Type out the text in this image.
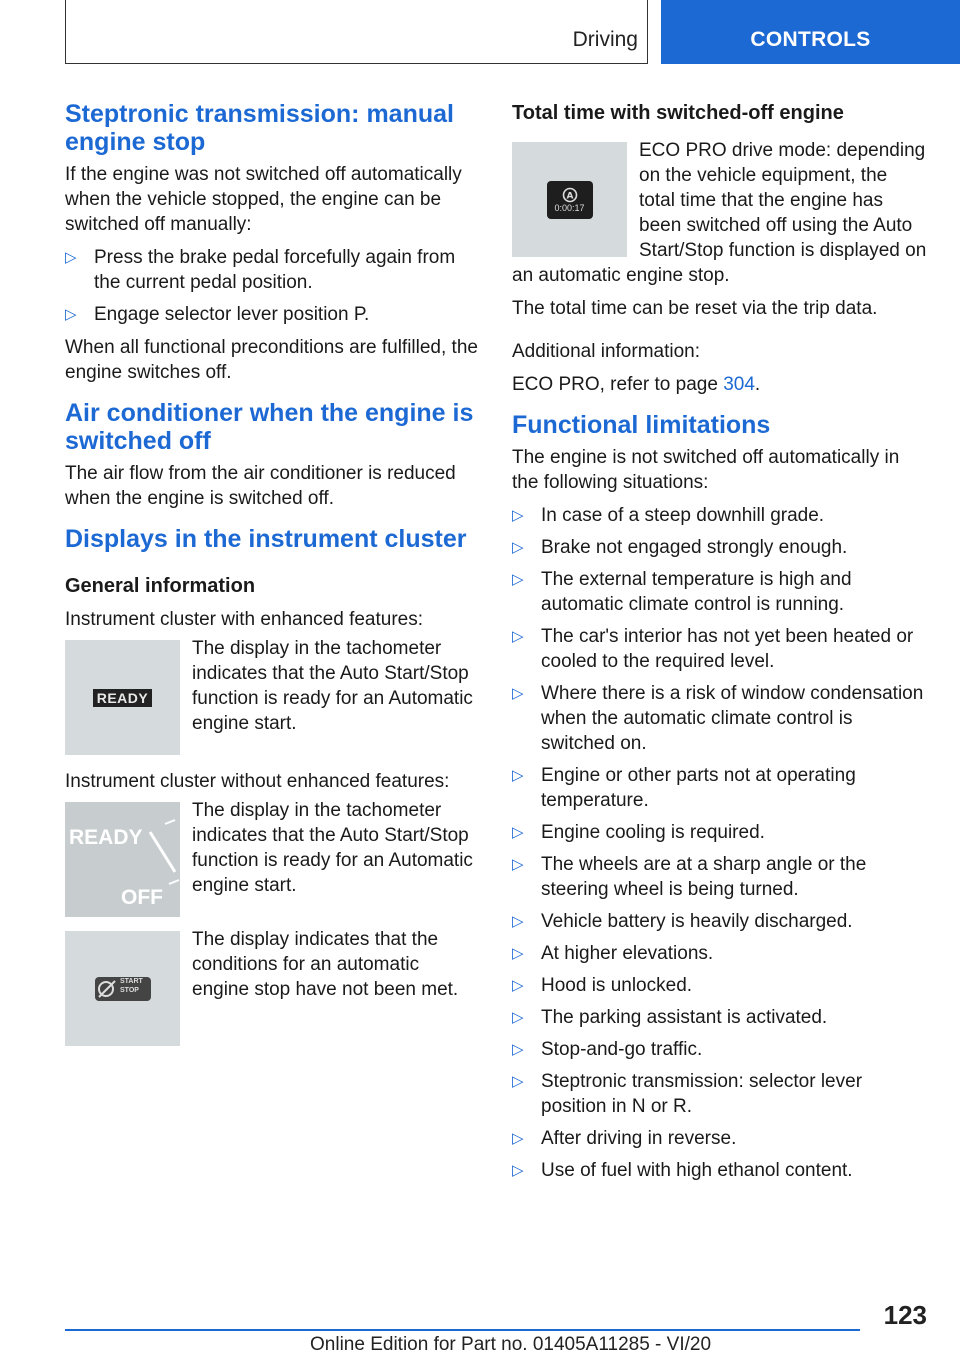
Driving	CONTROLS
Steptronic transmission: manual engine stop

If the engine was not switched off automatically when the vehicle stopped, the engine can be switched off manually:

▷ Press the brake pedal forcefully again from the current pedal position.
▷ Engage selector lever position P.

When all functional preconditions are fulfilled, the engine switches off.

Air conditioner when the engine is switched off

The air flow from the air conditioner is reduced when the engine is switched off.

Displays in the instrument cluster
General information

Instrument cluster with enhanced features:

READY
The display in the tachometer indicates that the Auto Start/Stop function is ready for an Automatic engine start.

Instrument cluster without enhanced features:

READY
OFF
The display in the tachometer indicates that the Auto Start/Stop function is ready for an Automatic engine start.
START
STOP
The display indicates that the conditions for an automatic engine stop have not been met.
Total time with switched-off engine
A
0:00:17

ECO PRO drive mode: depending on the vehicle equipment, the total time that the engine has been switched off using the Auto Start/Stop function is displayed on an automatic engine stop.

The total time can be reset via the trip data.

Additional information:

ECO PRO, refer to page 304.

Functional limitations

The engine is not switched off automatically in the following situations:

▷ In case of a steep downhill grade.
▷ Brake not engaged strongly enough.
▷ The external temperature is high and automatic climate control is running.
▷ The car's interior has not yet been heated or cooled to the required level.
▷ Where there is a risk of window condensation when the automatic climate control is switched on.
▷ Engine or other parts not at operating temperature.
▷ Engine cooling is required.
▷ The wheels are at a sharp angle or the steering wheel is being turned.
▷ Vehicle battery is heavily discharged.
▷ At higher elevations.
▷ Hood is unlocked.
▷ The parking assistant is activated.
▷ Stop-and-go traffic.
▷ Steptronic transmission: selector lever position in N or R.
▷ After driving in reverse.
▷ Use of fuel with high ethanol content.
123
Online Edition for Part no. 01405A11285 - VI/20
